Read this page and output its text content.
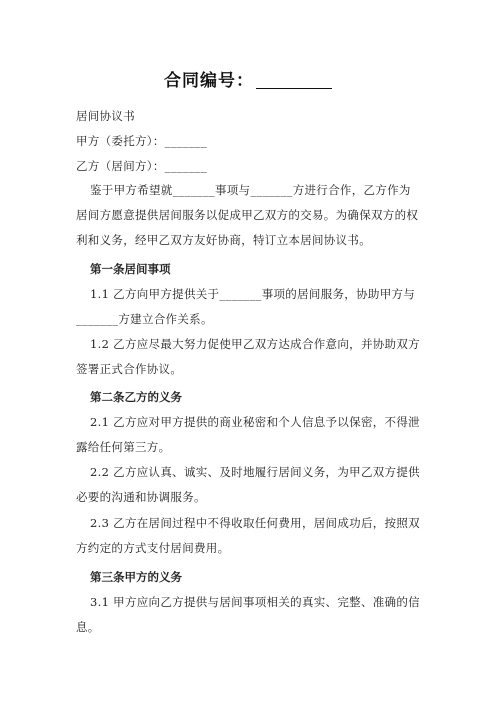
合同编号：
居间协议书
甲方（委托方）：_______
乙方（居间方）：_______
鉴于甲方希望就_______事项与_______方进行合作，乙方作为居间方愿意提供居间服务以促成甲乙双方的交易。为确保双方的权利和义务，经甲乙双方友好协商，特订立本居间协议书。
第一条居间事项
1.1 乙方向甲方提供关于_______事项的居间服务，协助甲方与_______方建立合作关系。
1.2 乙方应尽最大努力促使甲乙双方达成合作意向，并协助双方签署正式合作协议。
第二条乙方的义务
2.1 乙方应对甲方提供的商业秘密和个人信息予以保密，不得泄露给任何第三方。
2.2 乙方应认真、诚实、及时地履行居间义务，为甲乙双方提供必要的沟通和协调服务。
2.3 乙方在居间过程中不得收取任何费用，居间成功后，按照双方约定的方式支付居间费用。
第三条甲方的义务
3.1 甲方应向乙方提供与居间事项相关的真实、完整、准确的信息。
